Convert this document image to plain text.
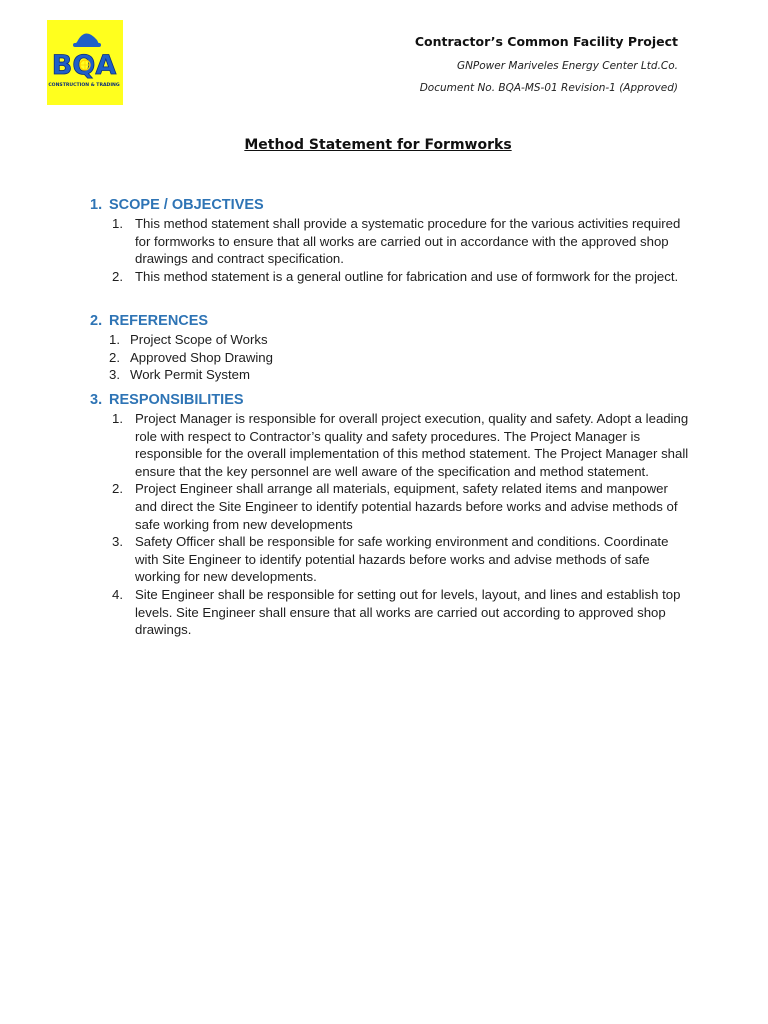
BQA
CONSTRUCTION & TRADING
Contractor’s Common Facility Project
GNPower Mariveles Energy Center Ltd.Co.
Document No. BQA-MS-01 Revision-1 (Approved)
Method Statement for Formworks
1. SCOPE / OBJECTIVES
1. This method statement shall provide a systematic procedure for the various activities required for formworks to ensure that all works are carried out in accordance with the approved shop drawings and contract specification.
2. This method statement is a general outline for fabrication and use of formwork for the project.
2. REFERENCES
1. Project Scope of Works
2. Approved Shop Drawing
3. Work Permit System
3. RESPONSIBILITIES
1. Project Manager is responsible for overall project execution, quality and safety. Adopt a leading role with respect to Contractor’s quality and safety procedures. The Project Manager is responsible for the overall implementation of this method statement. The Project Manager shall ensure that the key personnel are well aware of the specification and method statement.
2. Project Engineer shall arrange all materials, equipment, safety related items and manpower and direct the Site Engineer to identify potential hazards before works and advise methods of safe working from new developments
3. Safety Officer shall be responsible for safe working environment and conditions. Coordinate with Site Engineer to identify potential hazards before works and advise methods of safe working for new developments.
4. Site Engineer shall be responsible for setting out for levels, layout, and lines and establish top levels. Site Engineer shall ensure that all works are carried out according to approved shop drawings.
